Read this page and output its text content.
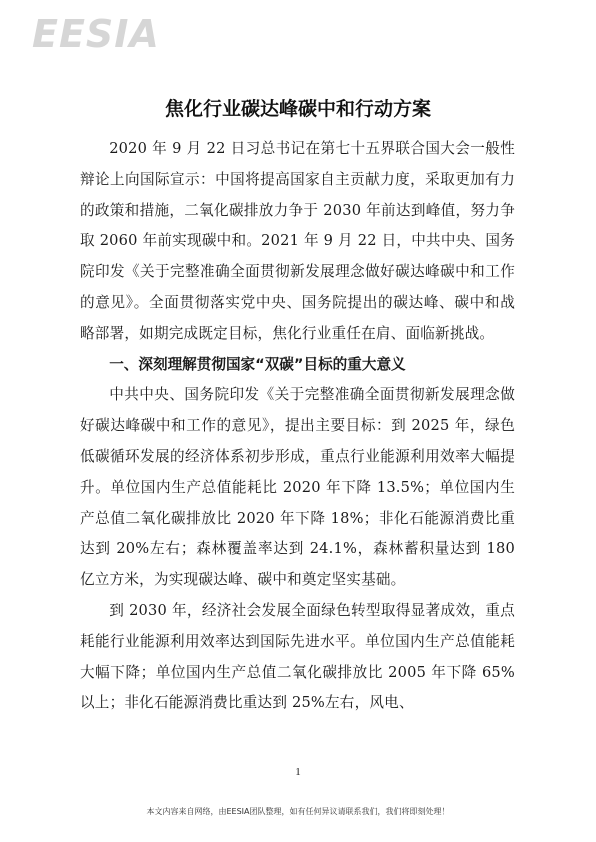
EESIA
焦化行业碳达峰碳中和行动方案

2020 年 9 月 22 日习总书记在第七十五界联合国大会一般性辩论上向国际宣示：中国将提高国家自主贡献力度，采取更加有力的政策和措施，二氧化碳排放力争于 2030 年前达到峰值，努力争取 2060 年前实现碳中和。2021 年 9 月 22 日，中共中央、国务院印发《关于完整准确全面贯彻新发展理念做好碳达峰碳中和工作的意见》。全面贯彻落实党中央、国务院提出的碳达峰、碳中和战略部署，如期完成既定目标，焦化行业重任在肩、面临新挑战。

一、深刻理解贯彻国家“双碳”目标的重大意义

中共中央、国务院印发《关于完整准确全面贯彻新发展理念做好碳达峰碳中和工作的意见》，提出主要目标：到 2025 年，绿色低碳循环发展的经济体系初步形成，重点行业能源利用效率大幅提升。单位国内生产总值能耗比 2020 年下降 13.5%；单位国内生产总值二氧化碳排放比 2020 年下降 18%；非化石能源消费比重达到 20%左右；森林覆盖率达到 24.1%，森林蓄积量达到 180 亿立方米，为实现碳达峰、碳中和奠定坚实基础。

到 2030 年，经济社会发展全面绿色转型取得显著成效，重点耗能行业能源利用效率达到国际先进水平。单位国内生产总值能耗大幅下降；单位国内生产总值二氧化碳排放比 2005 年下降 65%以上；非化石能源消费比重达到 25%左右，风电、

1
本文内容来自网络，由EESIA团队整理，如有任何异议请联系我们，我们将即刻处理！
